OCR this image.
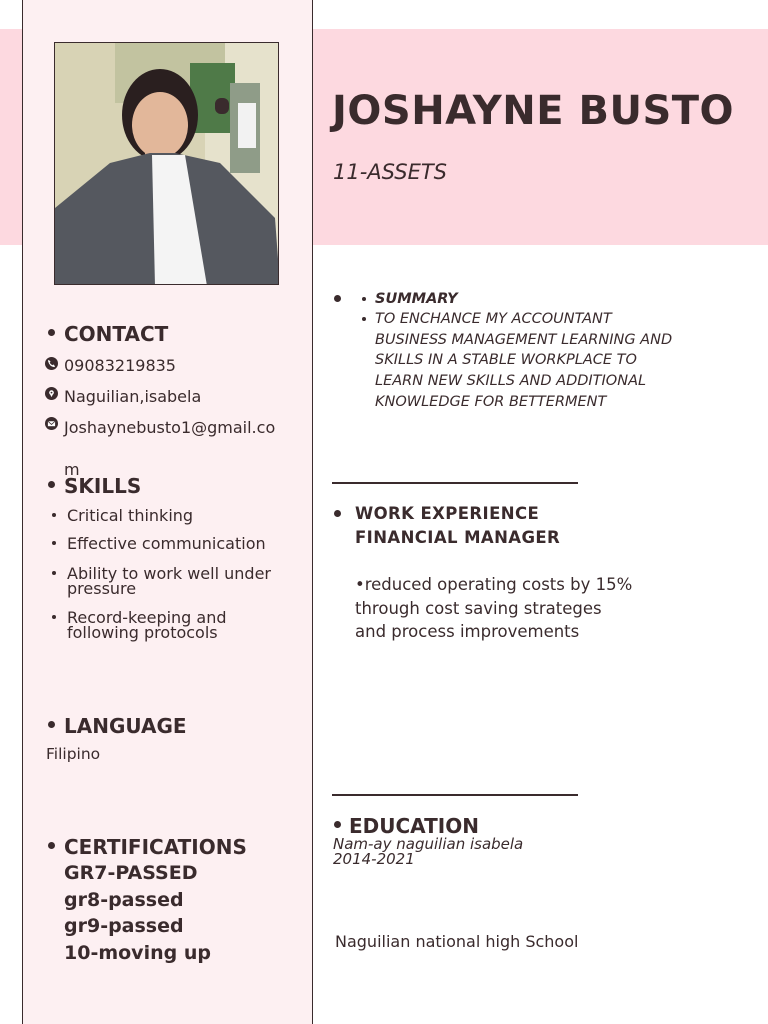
JOSHAYNE BUSTO
11-ASSETS
CONTACT
09083219835
Naguilian,isabela
Joshaynebusto1@gmail.co
m
SKILLS
Critical thinking
Effective communication
Ability to work well under
pressure
Record-keeping and
following protocols
LANGUAGE
Filipino
CERTIFICATIONS
GR7-PASSED
gr8-passed
gr9-passed
10-moving up
SUMMARY
TO ENCHANCE MY ACCOUNTANT
BUSINESS MANAGEMENT LEARNING AND
SKILLS IN A STABLE WORKPLACE TO
LEARN NEW SKILLS AND ADDITIONAL
KNOWLEDGE FOR BETTERMENT
WORK EXPERIENCE
FINANCIAL MANAGER
•reduced operating costs by 15%
through cost saving strateges
and process improvements
EDUCATION
Nam-ay naguilian isabela
2014-2021
Naguilian national high School
